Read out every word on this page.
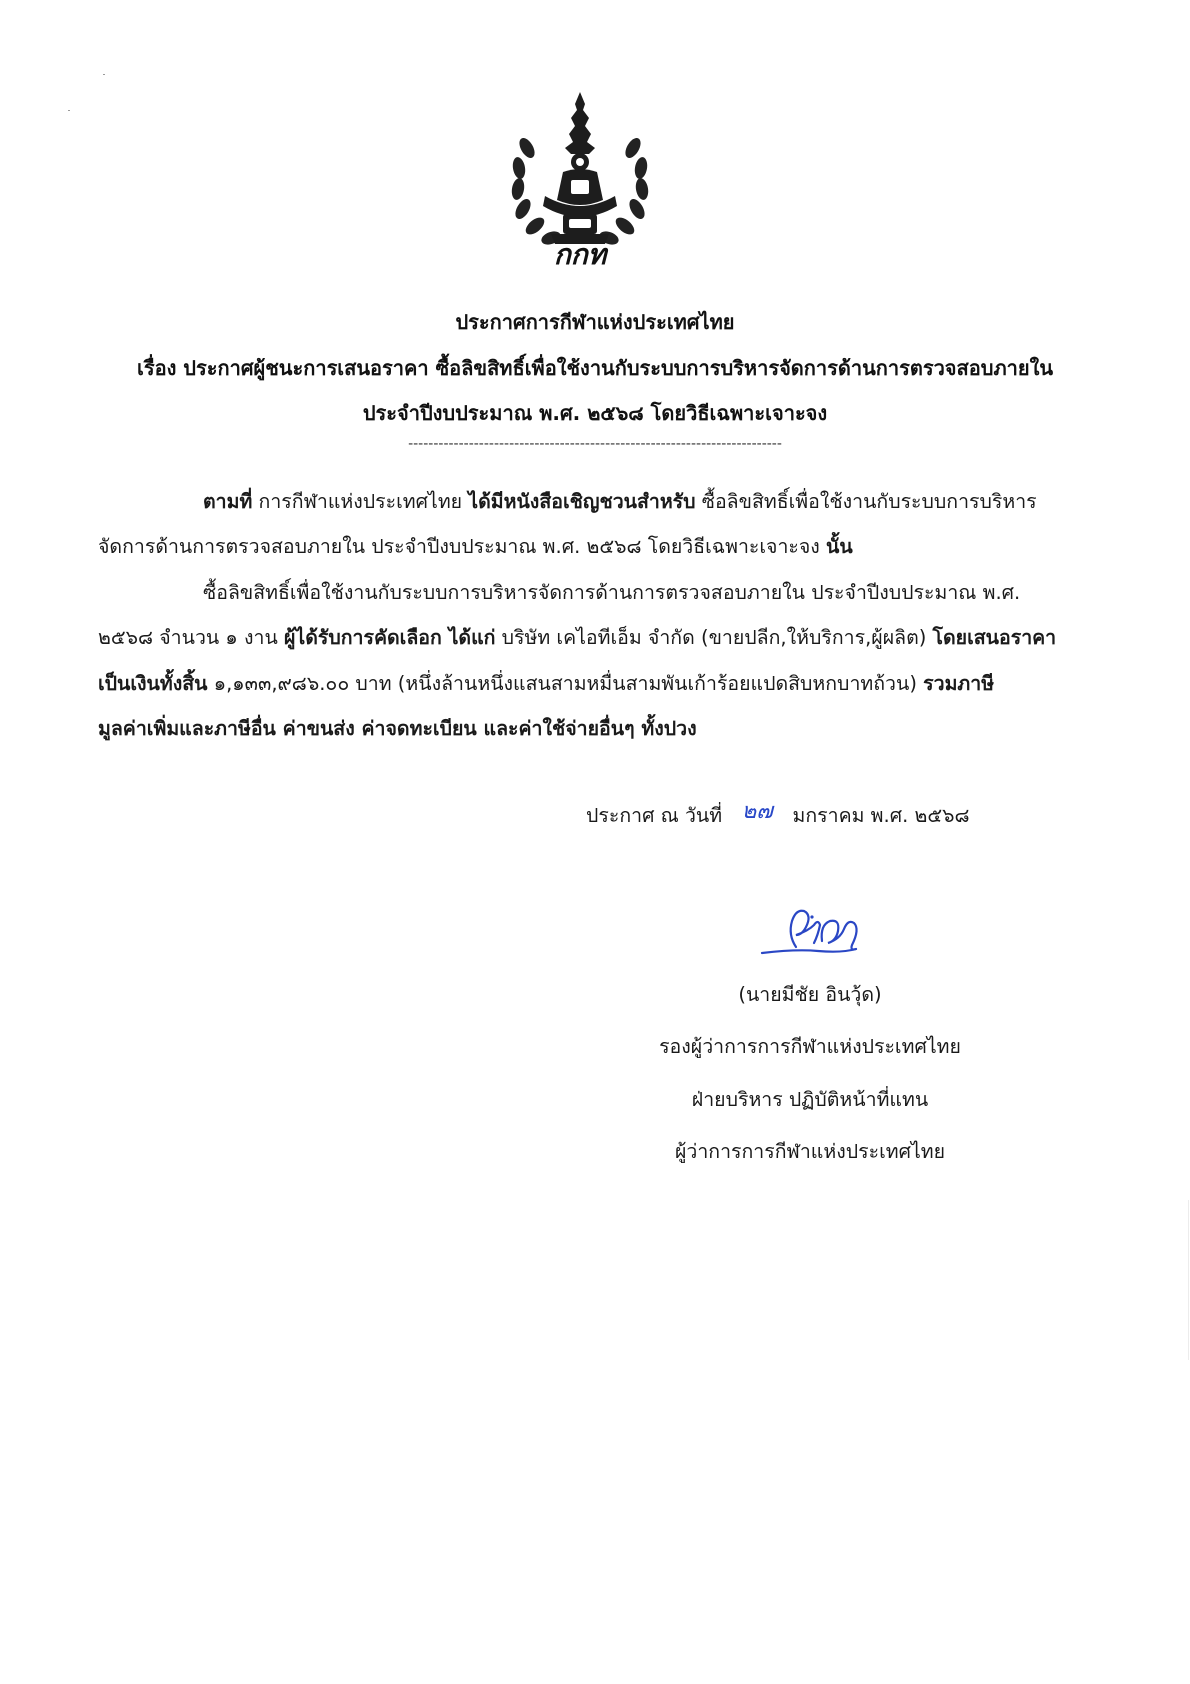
กกท
ประกาศการกีฬาแห่งประเทศไทย
เรื่อง ประกาศผู้ชนะการเสนอราคา ซื้อลิขสิทธิ์เพื่อใช้งานกับระบบการบริหารจัดการด้านการตรวจสอบภายใน
ประจำปีงบประมาณ พ.ศ. ๒๕๖๘ โดยวิธีเฉพาะเจาะจง
--------------------------------------------------------------------------
ตามที่ การกีฬาแห่งประเทศไทย ได้มีหนังสือเชิญชวนสำหรับ ซื้อลิขสิทธิ์เพื่อใช้งานกับระบบการบริหาร
จัดการด้านการตรวจสอบภายใน ประจำปีงบประมาณ พ.ศ. ๒๕๖๘ โดยวิธีเฉพาะเจาะจง นั้น
ซื้อลิขสิทธิ์เพื่อใช้งานกับระบบการบริหารจัดการด้านการตรวจสอบภายใน ประจำปีงบประมาณ พ.ศ.
๒๕๖๘ จำนวน ๑ งาน ผู้ได้รับการคัดเลือก ได้แก่ บริษัท เคไอทีเอ็ม จำกัด (ขายปลีก,ให้บริการ,ผู้ผลิต) โดยเสนอราคา
เป็นเงินทั้งสิ้น ๑,๑๓๓,๙๘๖.๐๐ บาท (หนึ่งล้านหนึ่งแสนสามหมื่นสามพันเก้าร้อยแปดสิบหกบาทถ้วน) รวมภาษี
มูลค่าเพิ่มและภาษีอื่น ค่าขนส่ง ค่าจดทะเบียน และค่าใช้จ่ายอื่นๆ ทั้งปวง
ประกาศ ณ วันที่ ๒๗ มกราคม พ.ศ. ๒๕๖๘
(นายมีชัย อินวุ้ด)
รองผู้ว่าการการกีฬาแห่งประเทศไทย
ฝ่ายบริหาร ปฏิบัติหน้าที่แทน
ผู้ว่าการการกีฬาแห่งประเทศไทย
